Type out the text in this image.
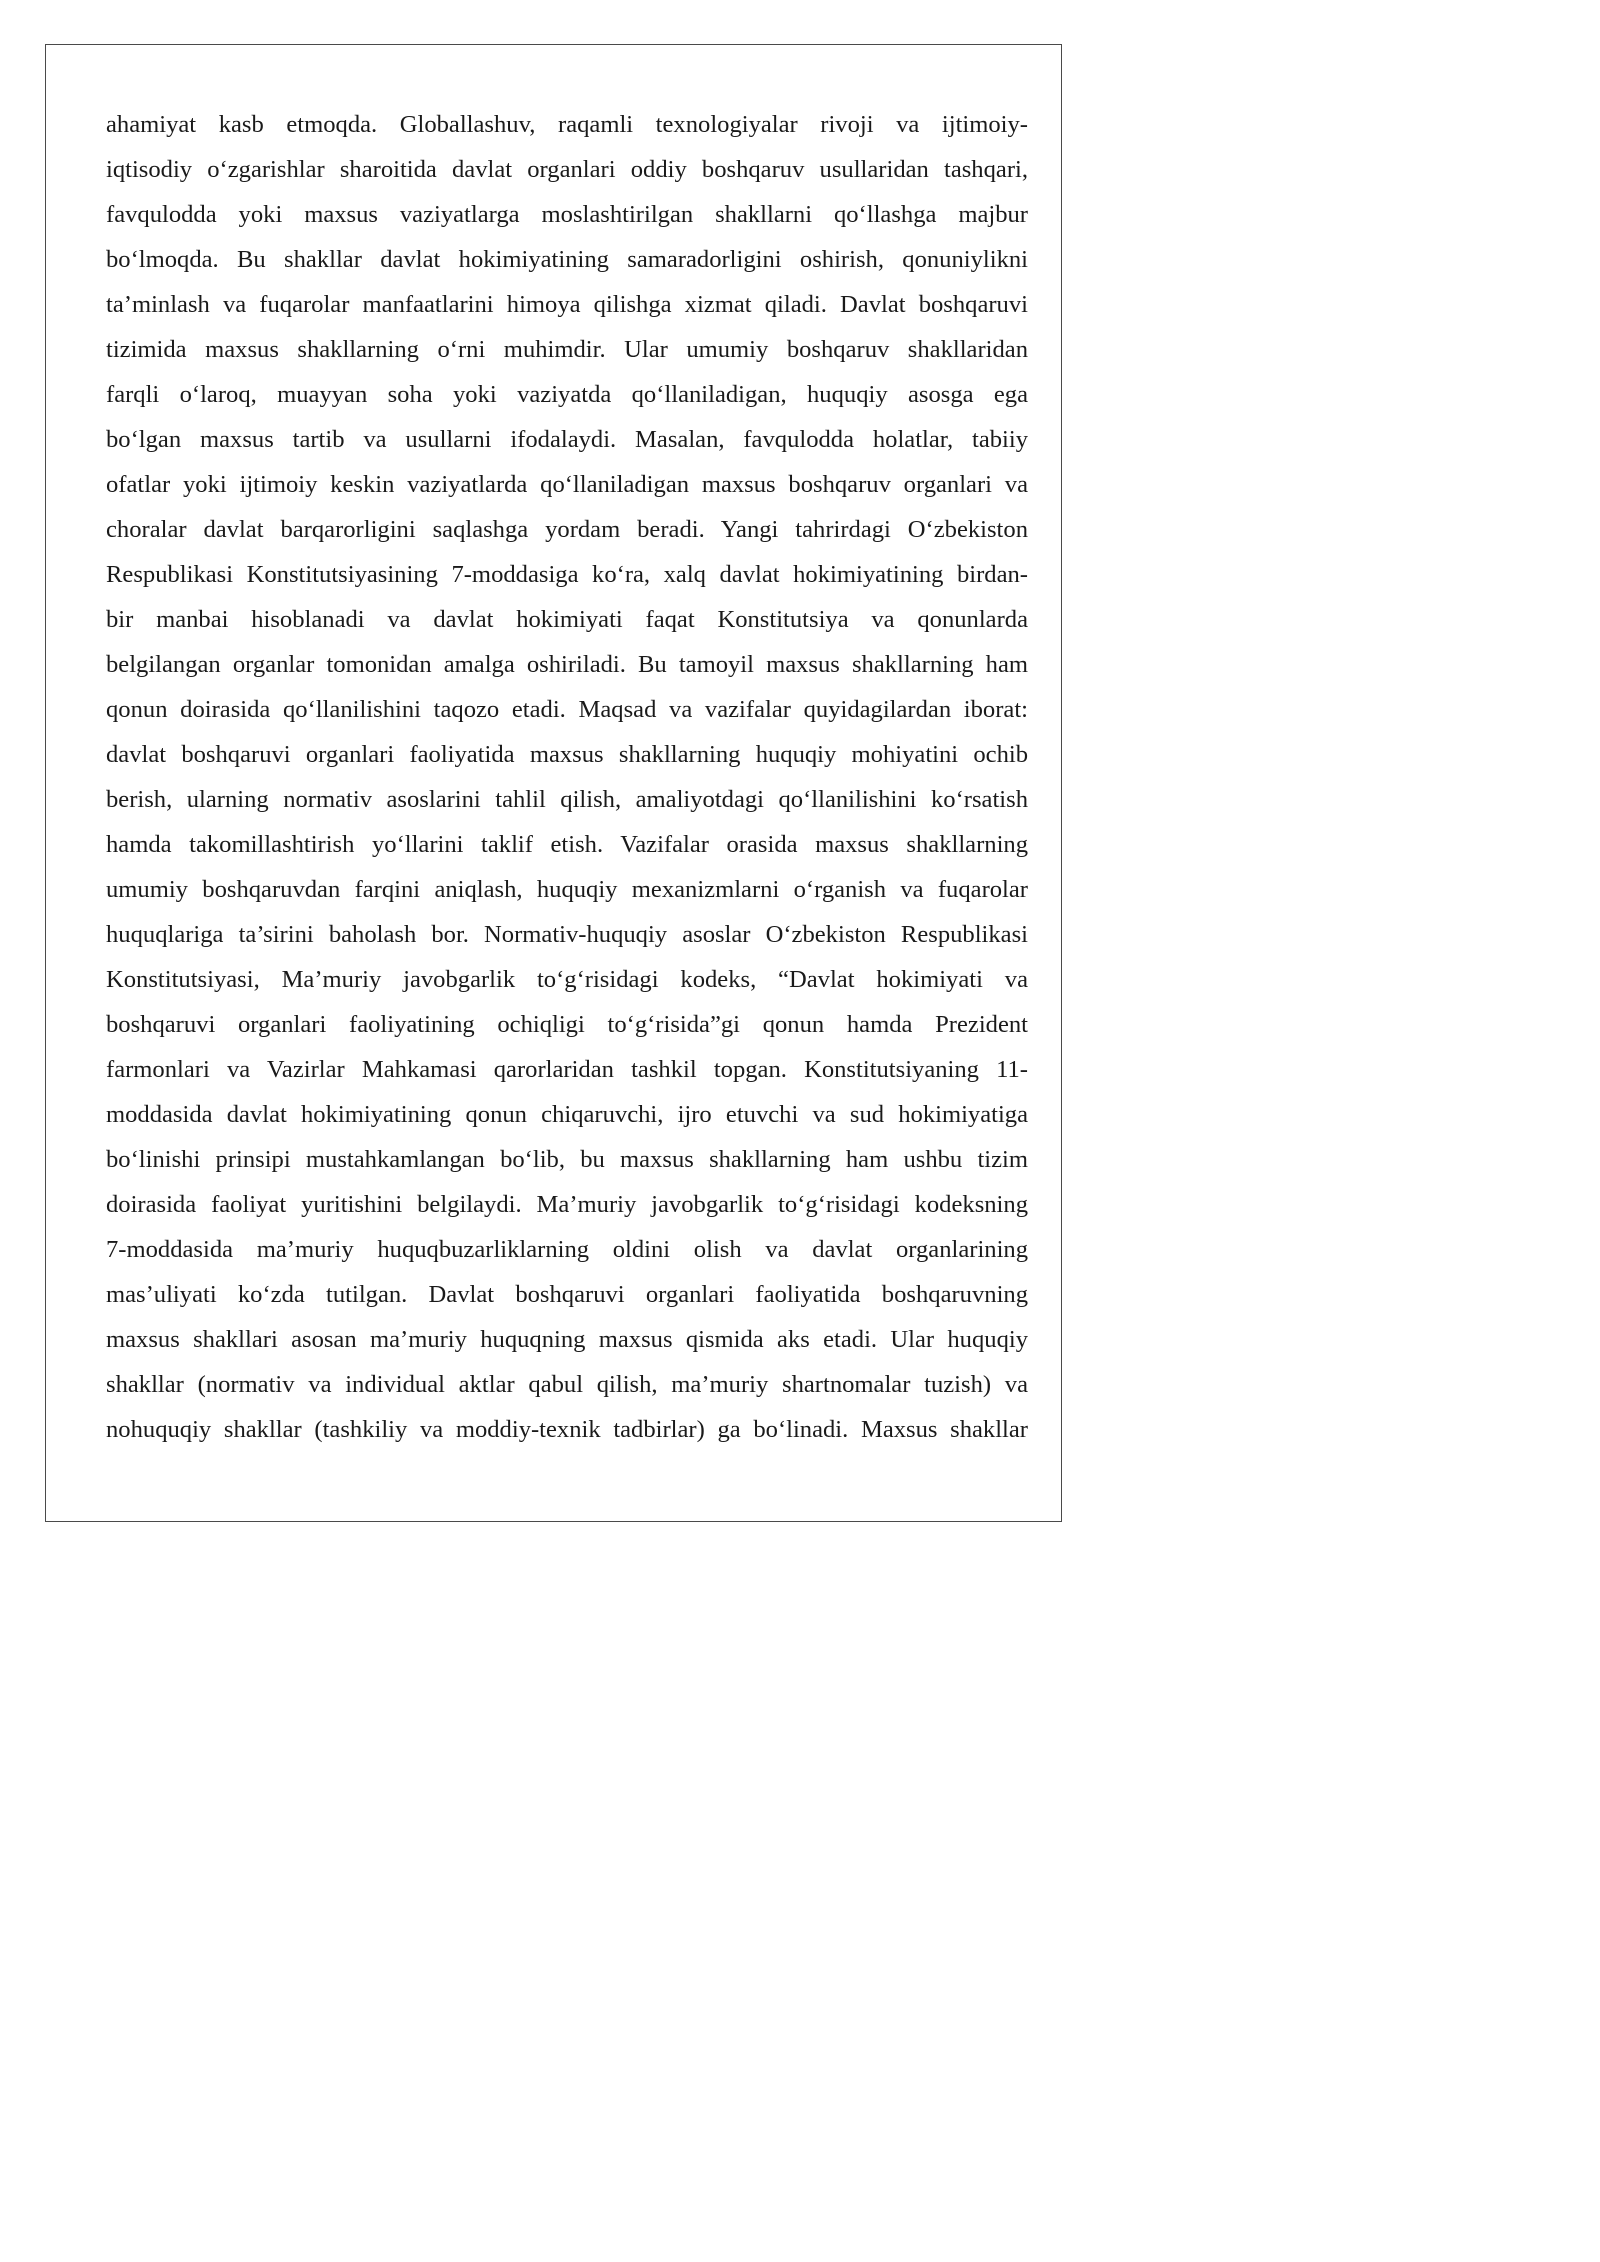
ahamiyat kasb etmoqda. Globallashuv, raqamli texnologiyalar rivoji va ijtimoiy-
iqtisodiy o‘zgarishlar sharoitida davlat organlari oddiy boshqaruv usullaridan tashqari,
favqulodda yoki maxsus vaziyatlarga moslashtirilgan shakllarni qo‘llashga majbur
bo‘lmoqda. Bu shakllar davlat hokimiyatining samaradorligini oshirish, qonuniylikni
ta’minlash va fuqarolar manfaatlarini himoya qilishga xizmat qiladi. Davlat boshqaruvi
tizimida maxsus shakllarning o‘rni muhimdir. Ular umumiy boshqaruv shakllaridan
farqli o‘laroq, muayyan soha yoki vaziyatda qo‘llaniladigan, huquqiy asosga ega
bo‘lgan maxsus tartib va usullarni ifodalaydi. Masalan, favqulodda holatlar, tabiiy
ofatlar yoki ijtimoiy keskin vaziyatlarda qo‘llaniladigan maxsus boshqaruv organlari va
choralar davlat barqarorligini saqlashga yordam beradi. Yangi tahrirdagi O‘zbekiston
Respublikasi Konstitutsiyasining 7-moddasiga ko‘ra, xalq davlat hokimiyatining birdan-
bir manbai hisoblanadi va davlat hokimiyati faqat Konstitutsiya va qonunlarda
belgilangan organlar tomonidan amalga oshiriladi. Bu tamoyil maxsus shakllarning ham
qonun doirasida qo‘llanilishini taqozo etadi. Maqsad va vazifalar quyidagilardan iborat:
davlat boshqaruvi organlari faoliyatida maxsus shakllarning huquqiy mohiyatini ochib
berish, ularning normativ asoslarini tahlil qilish, amaliyotdagi qo‘llanilishini ko‘rsatish
hamda takomillashtirish yo‘llarini taklif etish. Vazifalar orasida maxsus shakllarning
umumiy boshqaruvdan farqini aniqlash, huquqiy mexanizmlarni o‘rganish va fuqarolar
huquqlariga ta’sirini baholash bor. Normativ-huquqiy asoslar O‘zbekiston Respublikasi
Konstitutsiyasi, Ma’muriy javobgarlik to‘g‘risidagi kodeks, “Davlat hokimiyati va
boshqaruvi organlari faoliyatining ochiqligi to‘g‘risida”gi qonun hamda Prezident
farmonlari va Vazirlar Mahkamasi qarorlaridan tashkil topgan. Konstitutsiyaning 11-
moddasida davlat hokimiyatining qonun chiqaruvchi, ijro etuvchi va sud hokimiyatiga
bo‘linishi prinsipi mustahkamlangan bo‘lib, bu maxsus shakllarning ham ushbu tizim
doirasida faoliyat yuritishini belgilaydi. Ma’muriy javobgarlik to‘g‘risidagi kodeksning
7-moddasida ma’muriy huquqbuzarliklarning oldini olish va davlat organlarining
mas’uliyati ko‘zda tutilgan. Davlat boshqaruvi organlari faoliyatida boshqaruvning
maxsus shakllari asosan ma’muriy huquqning maxsus qismida aks etadi. Ular huquqiy
shakllar (normativ va individual aktlar qabul qilish, ma’muriy shartnomalar tuzish) va
nohuquqiy shakllar (tashkiliy va moddiy-texnik tadbirlar) ga bo‘linadi. Maxsus shakllar
